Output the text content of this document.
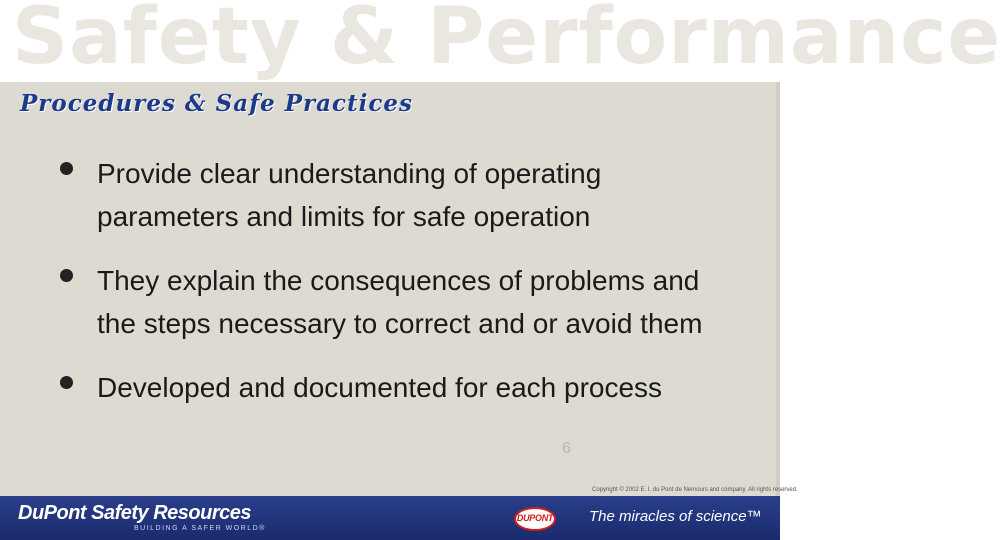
Safety & Performance
Procedures & Safe Practices
Provide clear understanding of operating parameters and limits for safe operation
They explain the consequences of problems and the steps necessary to correct and or avoid them
Developed and documented for each process
6
Copyright © 2002 E. I. du Pont de Nemours and company. All rights reserved.
DuPont Safety Resources
BUILDING A SAFER WORLD®
DUPONT The miracles of science™
